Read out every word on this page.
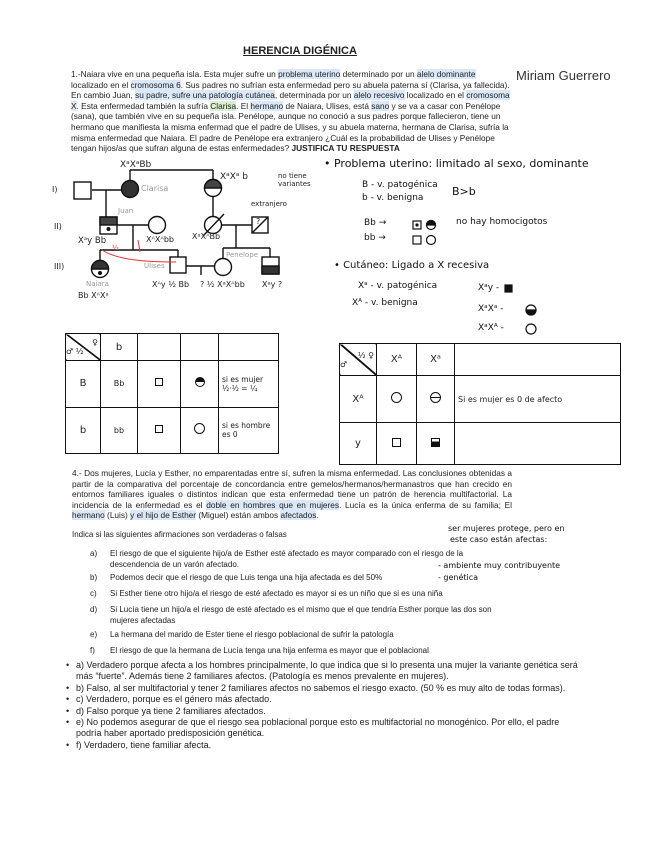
HERENCIA DIGÉNICA
Miriam Guerrero
1.-Naiara vive en una pequeña isla. Esta mujer sufre un problema uterino determinado por un alelo dominante localizado en el cromosoma 6. Sus padres no sufrían esta enfermedad pero su abuela paterna sí (Clarisa, ya fallecida). En cambio Juan, su padre, sufre una patología cutánea, determinada por un alelo recesivo localizado en el cromosoma X. Esta enfermedad también la sufría Clarisa. El hermano de Naiara, Ulises, está sano y se va a casar con Penélope (sana), que también vive en su pequeña isla. Penélope, aunque no conoció a sus padres porque fallecieron, tiene un hermano que manifiesta la misma enfermad que el padre de Ulises, y su abuela materna, hermana de Clarisa, sufría la misma enfermedad que Naiara. El padre de Penélope era extranjero ¿Cuál es la probabilidad de Ulises y Penélope tengan hijos/as que sufran alguna de estas enfermedades? JUSTIFICA TU RESPUESTA
I)
II)
III)
XᵃXᵃBb
Clarisa
XᵃXᵃ b	no tiene variantes
extranjero
?
Juan
Xᵃy Bb	XᴬXᴬbb XᵃXᴬBb
½
Naiara
Bb XᴬXᵃ
Ulises
Xᴬy ½ Bb
Penelope
? ½ XᵃXᴬbb Xᵃy ?
• Problema uterino: limitado al sexo, dominante
B - v. patogénica
b - v. benigna	B>b
Bb →
bb →
no hay homocigotos
• Cutáneo: Ligado a X recesiva
Xᵃ - v. patogénica
Xᴬ - v. benigna
Xᵃy -
XᵃXᵃ -
XᵃXᴬ -
♀

♂ ½	b			
B	Bb			si es mujer ½·½ = ¼
b	bb			si es hombre es 0
½ ♀

♂	Xᴬ	Xᵃ	
Xᴬ			Si es mujer es 0 de afecto
y			
4.- Dos mujeres, Lucía y Esther, no emparentadas entre sí, sufren la misma enfermedad. Las conclusiones obtenidas a partir de la comparativa del porcentaje de concordancia entre gemelos/hermanos/hermanastros que han crecido en entornos familiares iguales o distintos indican que esta enfermedad tiene un patrón de herencia multifactorial. La incidencia de la enfermedad es el doble en hombres que en mujeres. Lucía es la única enferma de su familia; El hermano (Luis) y el hijo de Esther (Miguel) están ambos afectados.
Indica si las siguientes afirmaciones son verdaderas o falsas
a)	El riesgo de que el siguiente hijo/a de Esther esté afectado es mayor comparado con el riesgo de la descendencia de un varón afectado.
b)	Podemos decir que el riesgo de que Luis tenga una hija afectada es del 50%
c)	Si Esther tiene otro hijo/a el riesgo de esté afectado es mayor si es un niño que si es una niña
d)	Si Lucía tiene un hijo/a el riesgo de esté afectado es el mismo que el que tendría Esther porque las dos son mujeres afectadas
e)	La hermana del marido de Ester tiene el riesgo poblacional de sufrir la patología
f)	El riesgo de que la hermana de Lucía tenga una hija enferma es mayor que el poblacional
ser mujeres protege, pero en
este caso están afectas:
- ambiente muy contribuyente
- genética
• a) Verdadero porque afecta a los hombres principalmente, lo que indica que si lo presenta una mujer la variante genética será más “fuerte”. Además tiene 2 familiares afectos. (Patología es menos prevalente en mujeres).
• b) Falso, al ser multifactorial y tener 2 familiares afectos no sabemos el riesgo exacto. (50 % es muy alto de todas formas).
• c) Verdadero, porque es el género más afectado.
• d) Falso porque ya tiene 2 familiares afectados.
• e) No podemos asegurar de que el riesgo sea poblacional porque esto es multifactorial no monogénico. Por ello, el padre podría haber aportado predisposición genética.
• f) Verdadero, tiene familiar afecta.
